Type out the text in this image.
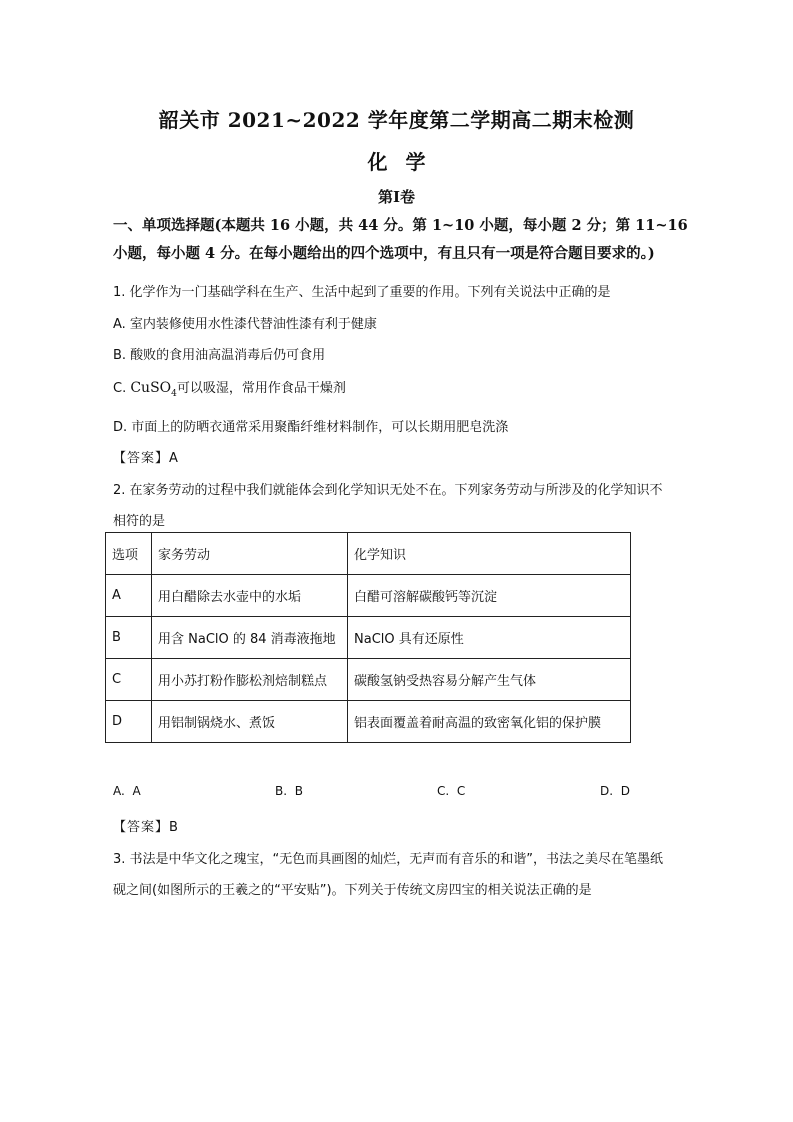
韶关市 2021~2022 学年度第二学期高二期末检测
化学
第Ⅰ卷
一、单项选择题(本题共 16 小题，共 44 分。第 1~10 小题，每小题 2 分；第 11~16 小题，每小题 4 分。在每小题给出的四个选项中，有且只有一项是符合题目要求的。)
1. 化学作为一门基础学科在生产、生活中起到了重要的作用。下列有关说法中正确的是
A. 室内装修使用水性漆代替油性漆有利于健康
B. 酸败的食用油高温消毒后仍可食用
C. CuSO$_4$可以吸湿，常用作食品干燥剂
D. 市面上的防晒衣通常采用聚酯纤维材料制作，可以长期用肥皂洗涤
【答案】A
2. 在家务劳动的过程中我们就能体会到化学知识无处不在。下列家务劳动与所涉及的化学知识不
相符的是
选项	家务劳动	化学知识
A	用白醋除去水壶中的水垢	白醋可溶解碳酸钙等沉淀
B	用含 NaClO 的 84 消毒液拖地	NaClO 具有还原性
C	用小苏打粉作膨松剂焙制糕点	碳酸氢钠受热容易分解产生气体
D	用铝制锅烧水、煮饭	铝表面覆盖着耐高温的致密氧化铝的保护膜
A. A	B. B	C. C	D. D
【答案】B
3. 书法是中华文化之瑰宝，“无色而具画图的灿烂，无声而有音乐的和谐”，书法之美尽在笔墨纸
砚之间(如图所示的王羲之的“平安贴”)。下列关于传统文房四宝的相关说法正确的是
